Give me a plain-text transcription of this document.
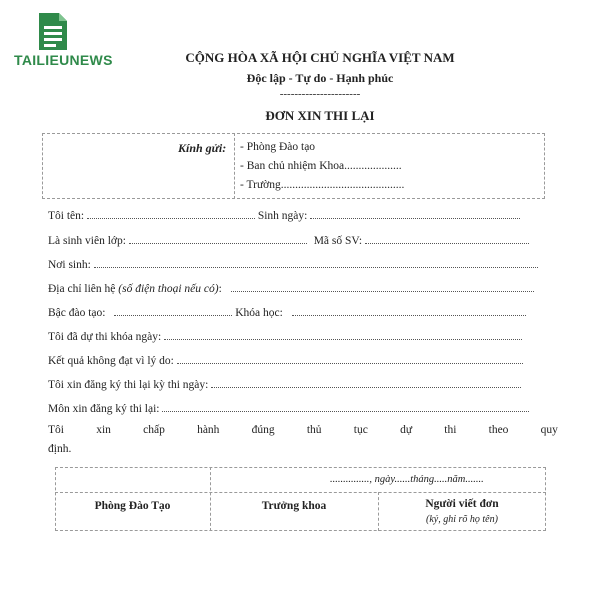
TAILIEUNEWS	CỘNG HÒA XÃ HỘI CHỦ NGHĨA VIỆT NAM
Độc lập - Tự do - Hạnh phúc
----------------------
ĐƠN XIN THI LẠI
Kính gửi: - Phòng Đào tạo
- Ban chủ nhiệm Khoa....................
- Trường...........................................
Tôi tên:	Sinh ngày:
Là sinh viên lớp:	Mã số SV:
Nơi sinh:
Địa chỉ liên hệ (số điện thoại nếu có):
Bậc đào tạo:	Khóa học:
Tôi đã dự thi khóa ngày:
Kết quả không đạt vì lý do:
Tôi xin đăng ký thi lại kỳ thi ngày:
Môn xin đăng ký thi lại:
Tôi	xin	chấp	hành	đúng	thủ	tục	dự	thi	theo	quy
định.
..............., ngày......tháng.....năm.......
Phòng Đào Tạo	Trưởng khoa	Người viết đơn
(ký, ghi rõ họ tên)
